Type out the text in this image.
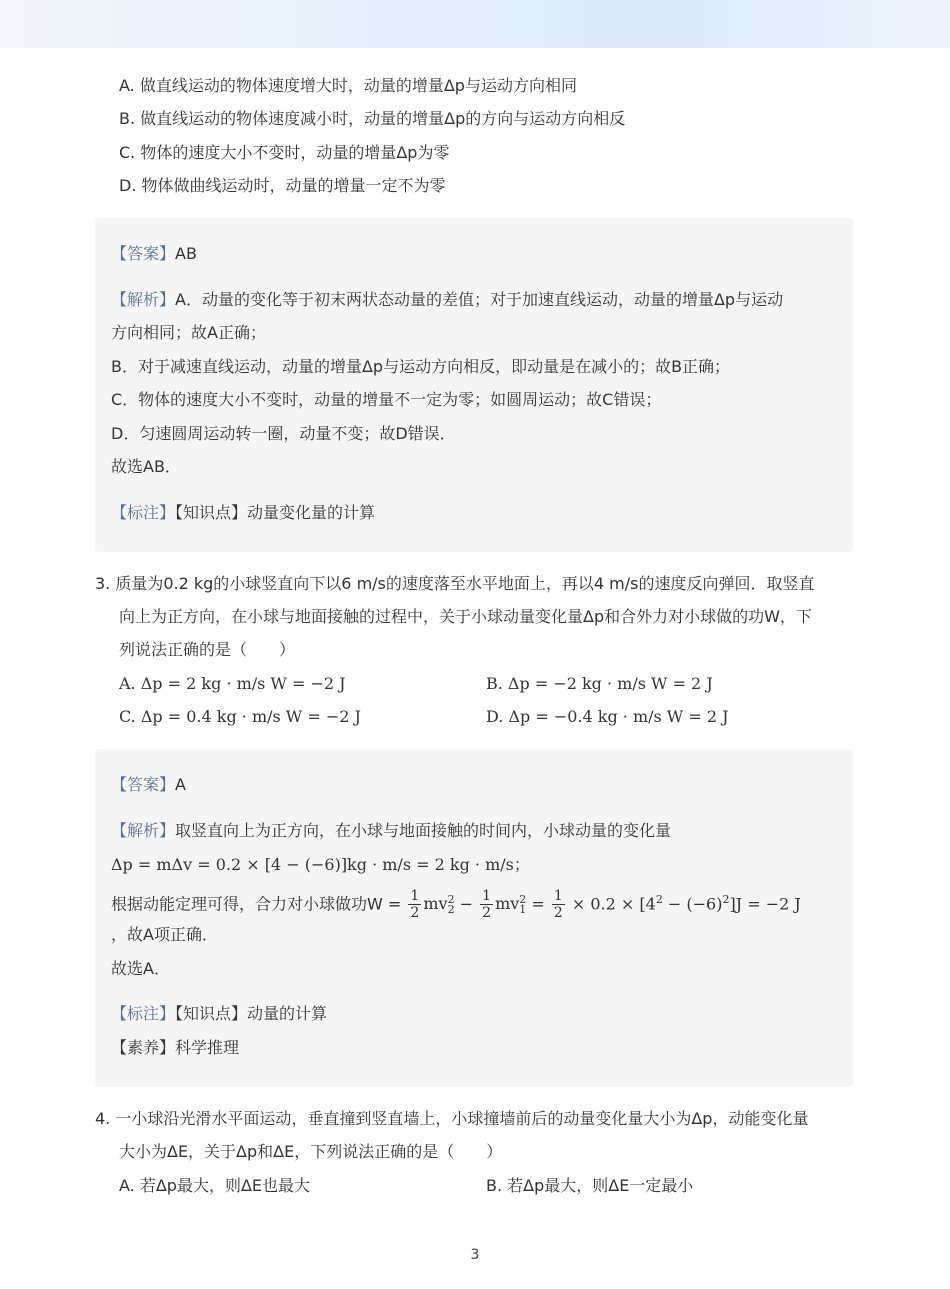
A. 做直线运动的物体速度增大时，动量的增量Δp与运动方向相同
B. 做直线运动的物体速度减小时，动量的增量Δp的方向与运动方向相反
C. 物体的速度大小不变时，动量的增量Δp为零
D. 物体做曲线运动时，动量的增量一定不为零
【答案】AB
【解析】A．动量的变化等于初末两状态动量的差值；对于加速直线运动，动量的增量Δp与运动
方向相同；故A正确；
B．对于减速直线运动，动量的增量Δp与运动方向相反，即动量是在减小的；故B正确；
C．物体的速度大小不变时，动量的增量不一定为零；如圆周运动；故C错误；
D．匀速圆周运动转一圈，动量不变；故D错误．
故选AB．
【标注】【知识点】动量变化量的计算
3. 质量为0.2 kg的小球竖直向下以6 m/s的速度落至水平地面上，再以4 m/s的速度反向弹回．取竖直
向上为正方向，在小球与地面接触的过程中，关于小球动量变化量Δp和合外力对小球做的功W，下
列说法正确的是（　　）
A. Δp = 2 kg · m/s W = −2 J	B. Δp = −2 kg · m/s W = 2 J
C. Δp = 0.4 kg · m/s W = −2 J	D. Δp = −0.4 kg · m/s W = 2 J
【答案】A
【解析】取竖直向上为正方向，在小球与地面接触的时间内，小球动量的变化量
Δp = mΔv = 0.2 × [4 − (−6)]kg · m/s = 2 kg · m/s；
根据动能定理可得，合力对小球做功$W = \frac{1}{2} mv_2^2 - \frac{1}{2} mv_1^2 = \frac{1}{2} \times 0.2 \times [4^2 - (-6)^2]J = -2$ J
，故A项正确．
故选A．
【标注】【知识点】动量的计算
【素养】科学推理
4. 一小球沿光滑水平面运动，垂直撞到竖直墙上，小球撞墙前后的动量变化量大小为Δp，动能变化量
大小为ΔE，关于Δp和ΔE，下列说法正确的是（　　）
A. 若Δp最大，则ΔE也最大	B. 若Δp最大，则ΔE一定最小
3
